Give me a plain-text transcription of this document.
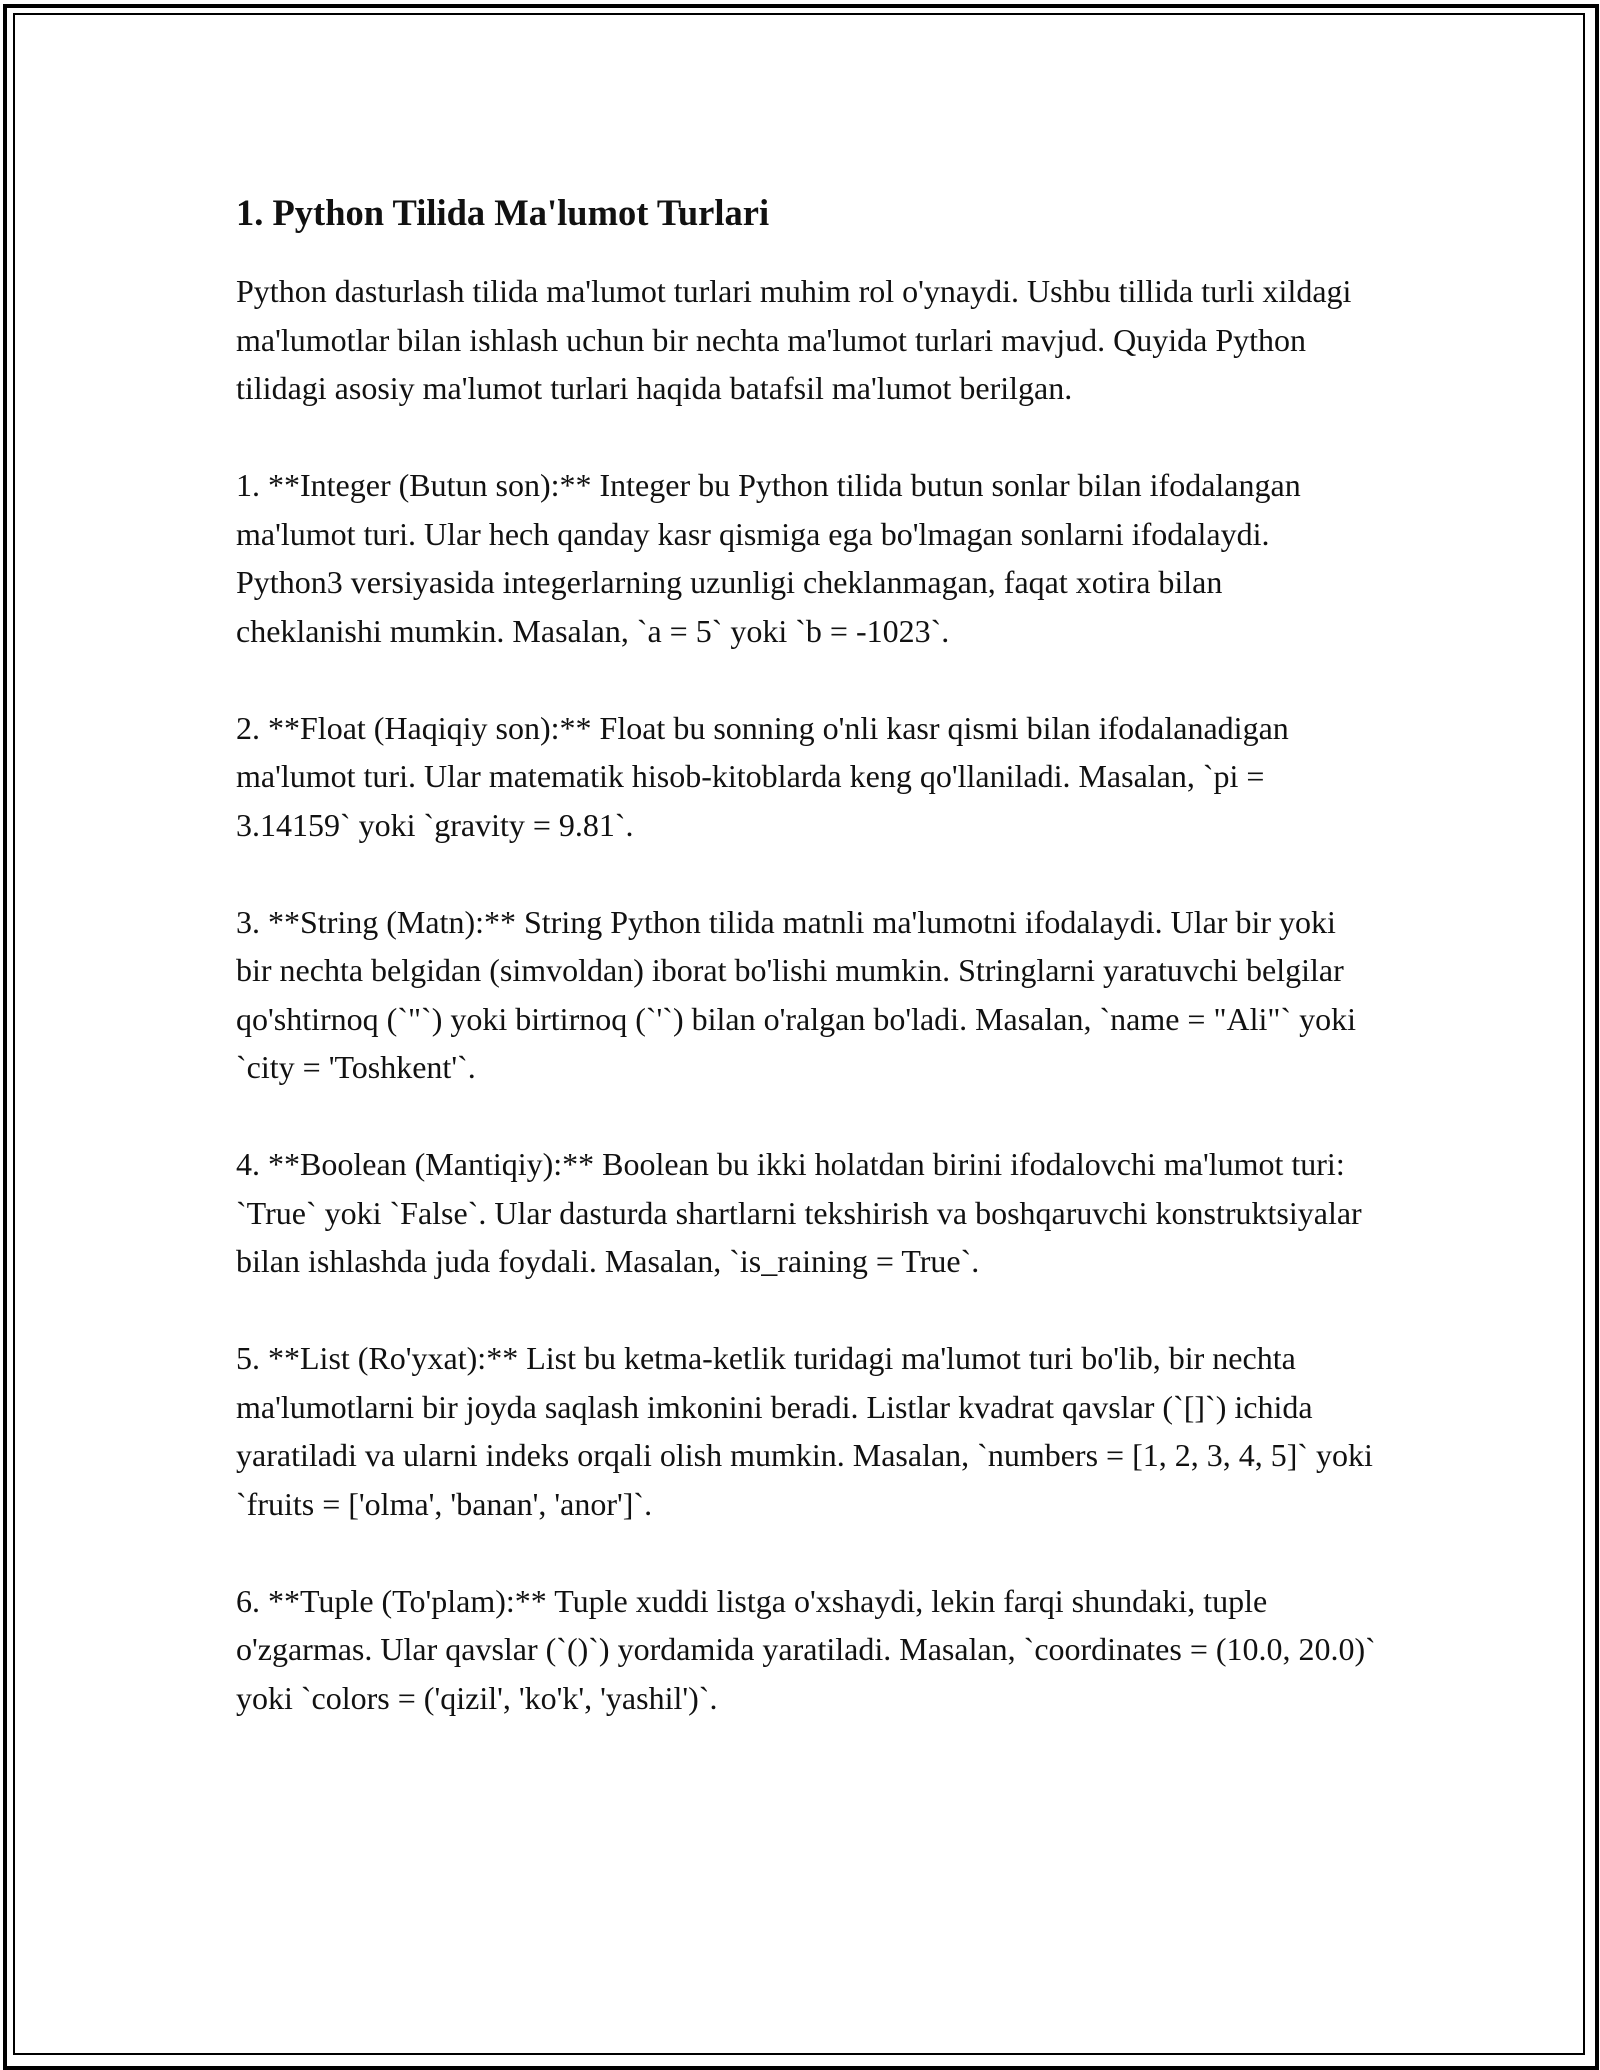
1. Python Tilida Ma'lumot Turlari

Python dasturlash tilida ma'lumot turlari muhim rol o'ynaydi. Ushbu tillida turli xildagi ma'lumotlar bilan ishlash uchun bir nechta ma'lumot turlari mavjud. Quyida Python tilidagi asosiy ma'lumot turlari haqida batafsil ma'lumot berilgan.

1. **Integer (Butun son):** Integer bu Python tilida butun sonlar bilan ifodalangan ma'lumot turi. Ular hech qanday kasr qismiga ega bo'lmagan sonlarni ifodalaydi. Python3 versiyasida integerlarning uzunligi cheklanmagan, faqat xotira bilan cheklanishi mumkin. Masalan, `a = 5` yoki `b = -1023`.

2. **Float (Haqiqiy son):** Float bu sonning o'nli kasr qismi bilan ifodalanadigan ma'lumot turi. Ular matematik hisob-kitoblarda keng qo'llaniladi. Masalan, `pi = 3.14159` yoki `gravity = 9.81`.

3. **String (Matn):** String Python tilida matnli ma'lumotni ifodalaydi. Ular bir yoki bir nechta belgidan (simvoldan) iborat bo'lishi mumkin. Stringlarni yaratuvchi belgilar qo'shtirnoq (`"`) yoki birtirnoq (`'`) bilan o'ralgan bo'ladi. Masalan, `name = "Ali"` yoki `city = 'Toshkent'`.

4. **Boolean (Mantiqiy):** Boolean bu ikki holatdan birini ifodalovchi ma'lumot turi: `True` yoki `False`. Ular dasturda shartlarni tekshirish va boshqaruvchi konstruktsiyalar bilan ishlashda juda foydali. Masalan, `is_raining = True`.

5. **List (Ro'yxat):** List bu ketma-ketlik turidagi ma'lumot turi bo'lib, bir nechta ma'lumotlarni bir joyda saqlash imkonini beradi. Listlar kvadrat qavslar (`[]`) ichida yaratiladi va ularni indeks orqali olish mumkin. Masalan, `numbers = [1, 2, 3, 4, 5]` yoki `fruits = ['olma', 'banan', 'anor']`.

6. **Tuple (To'plam):** Tuple xuddi listga o'xshaydi, lekin farqi shundaki, tuple o'zgarmas. Ular qavslar (`()`) yordamida yaratiladi. Masalan, `coordinates = (10.0, 20.0)` yoki `colors = ('qizil', 'ko'k', 'yashil')`.
